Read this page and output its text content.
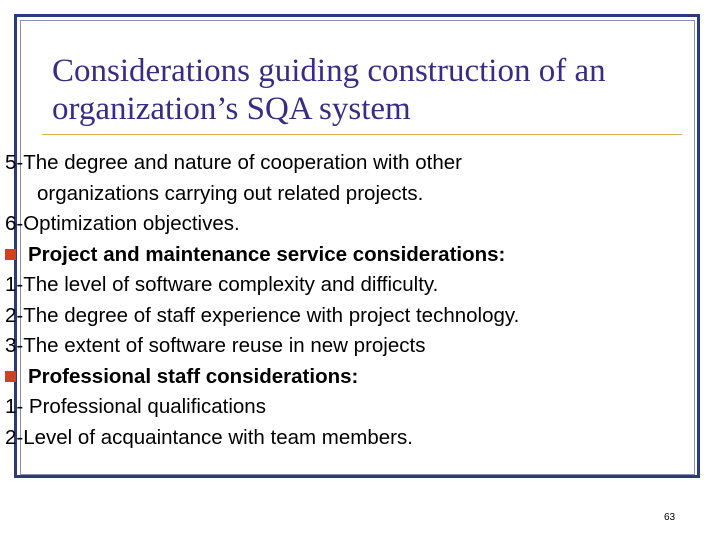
Considerations guiding construction of an
organization’s SQA system
5-The degree and nature of cooperation with other
organizations carrying out related projects.
6-Optimization objectives.
Project and maintenance service considerations:
1-The level of software complexity and difficulty.
2-The degree of staff experience with project technology.
3-The extent of software reuse in new projects
Professional staff considerations:
1- Professional qualifications
2-Level of acquaintance with team members.
63
